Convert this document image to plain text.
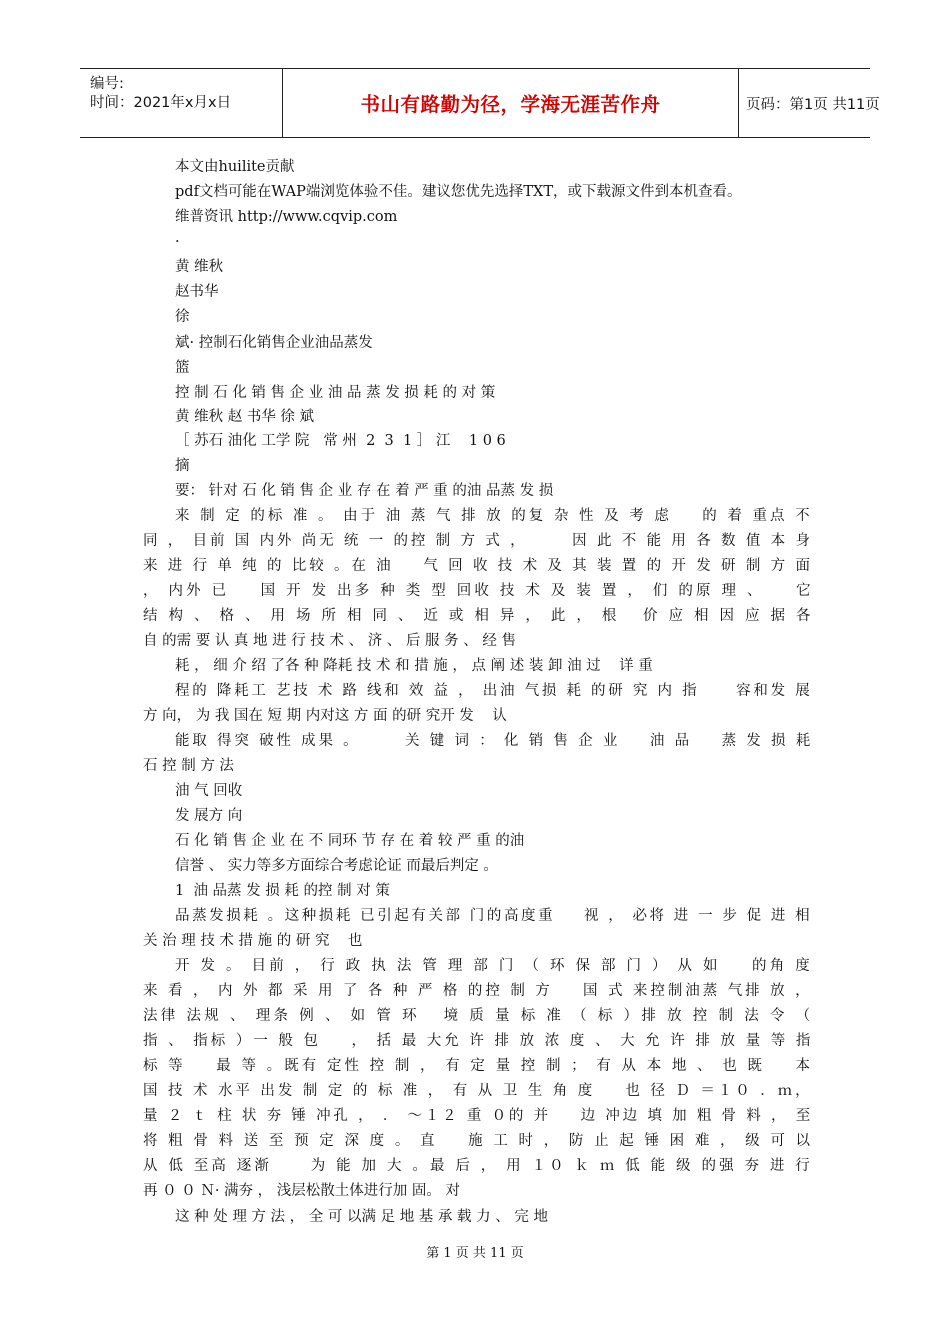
编号:
时间：2021年x月x日	书山有路勤为径，学海无涯苦作舟	页码：第1页 共11页
本文由huilite贡献
pdf文档可能在WAP端浏览体验不佳。建议您优先选择TXT，或下载源文件到本机查看。
维普资讯 http://www.cqvip.com
·
黄 维秋
赵书华
徐
斌· 控制石化销售企业油品蒸发
篮
控 制 石 化 销 售 企 业 油 品 蒸 发 损 耗 的 对 策
黄 维秋 赵 书华 徐 斌
［ 苏石 油化 工学 院   常 州  2  3  1 ］ 江    1 0 6
摘
要： 针对 石 化 销 售 企 业 存 在 着 严 重 的油 品蒸 发 损
来 制 定 的标 准 。 由于 油 蒸 气 排 放 的复 杂 性 及 考 虑    的 着 重点 不
同 ， 目前 国 内外 尚无 统 一 的控 制 方 式 ，      因 此 不 能 用 各 数 值 本 身
来 进 行 单 纯 的 比较 。在 油    气 回 收 技 术 及 其 装 置 的 开 发 研 制 方 面
， 内外 已    国 开 发 出多 种 类 型 回收 技 术 及 装 置 ， 们 的原 理 、    它
结 构 、 格 、 用 场 所 相 同 、 近 或 相 异 ， 此 ， 根   价 应 相 因 应 据 各
自 的需 要 认 真 地 进 行 技 术 、 济 、 后 服 务 、 经 售
耗 ， 细 介 绍 了各 种 降耗 技 术 和 措 施 ， 点 阐 述 装 卸 油 过    详 重
程的 降耗工 艺技 术 路 线和 效 益 ， 出油 气损 耗 的研 究 内 指     容和发 展
方 向， 为 我 国在 短 期 内对这 方 面 的研 究开 发    认
能取 得突 破性 成果 。      关 键 词 ： 化 销 售 企 业    油 品    蒸 发 损 耗
石 控 制 方 法
油 气 回收
发 展方 向
石 化 销 售 企 业 在 不 同环 节 存 在 着 较 严 重 的油
信誉 、 实力等多方面综合考虑论证 而最后判定 。
1  油 品蒸 发 损 耗 的控 制 对 策
品蒸发损耗 。这种损耗 已引起有关部 门的高度重    视 ， 必将 进 一 步 促 进 相
关 治 理 技 术 措 施 的 研 究    也
开 发 。 目前 ， 行 政 执 法 管 理 部 门 （ 环 保 部 门 ） 从 如    的角 度
来 看 ， 内 外 都 采 用 了 各 种 严 格 的控 制 方    国 式 来控制油蒸 气排 放 ，
法律 法规 、 理条 例 、 如 管 环   境 质 量 标 准 （ 标 ）排 放 控 制 法 令 （
指 、 指标 ）一 般 包    ， 括 最 大允 许 排 放 浓 度 、 大 允 许 排 放 量 等 指
标 等    最 等 。既有 定性 控 制 ， 有 定 量 控 制 ； 有 从 本 地 、 也 既    本
国 技 术 水平 出发 制 定 的 标 准 ， 有 从 卫 生 角 度    也 径 Ｄ ＝１０ ．ｍ，
量 ２ ｔ 柱 状 夯 锤 冲孔 ， ． ～１２ 重 ０的 并    边 冲边 填 加 粗 骨 料 ， 至
将 粗 骨 料 送 至 预 定 深 度 。 直    施 工 时 ， 防 止 起 锤 困 难 ， 级 可 以
从 低 至高 逐渐     为 能 加 大 。最 后 ， 用 １０ ｋ ｍ 低 能 级 的强 夯 进 行
再 ０ ０ Ｎ· 满夯 ， 浅层松散土体进行加 固。 对
这 种 处 理 方 法 ， 全 可 以满 足 地 基 承 载 力 、 完 地
第 1 页 共 11 页
